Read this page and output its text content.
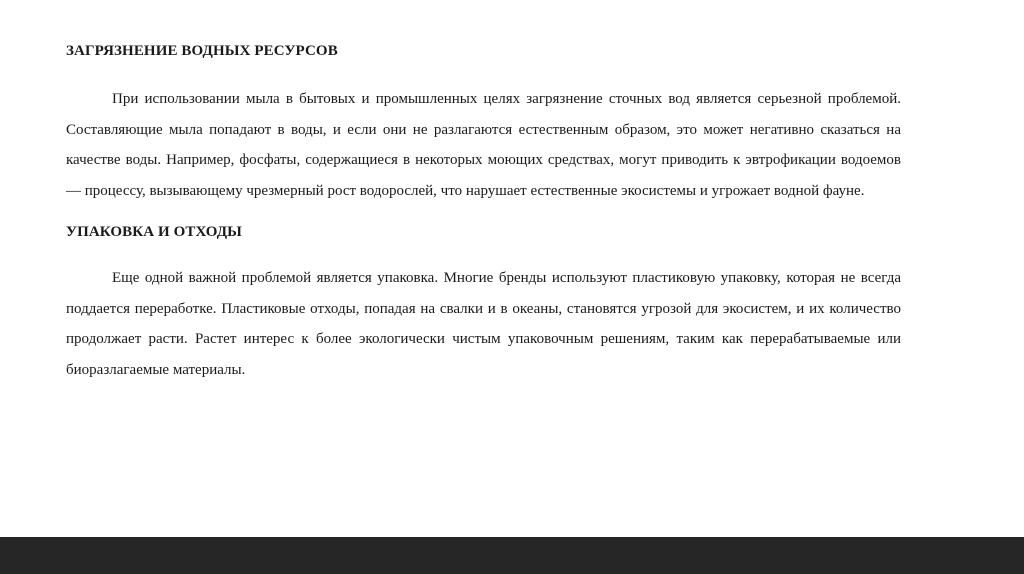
ЗАГРЯЗНЕНИЕ ВОДНЫХ РЕСУРСОВ

При использовании мыла в бытовых и промышленных целях загрязнение сточных вод является серьезной проблемой. Составляющие мыла попадают в воды, и если они не разлагаются естественным образом, это может негативно сказаться на качестве воды. Например, фосфаты, содержащиеся в некоторых моющих средствах, могут приводить к эвтрофикации водоемов — процессу, вызывающему чрезмерный рост водорослей, что нарушает естественные экосистемы и угрожает водной фауне.

УПАКОВКА И ОТХОДЫ

Еще одной важной проблемой является упаковка. Многие бренды используют пластиковую упаковку, которая не всегда поддается переработке. Пластиковые отходы, попадая на свалки и в океаны, становятся угрозой для экосистем, и их количество продолжает расти. Растет интерес к более экологически чистым упаковочным решениям, таким как перерабатываемые или биоразлагаемые материалы.
